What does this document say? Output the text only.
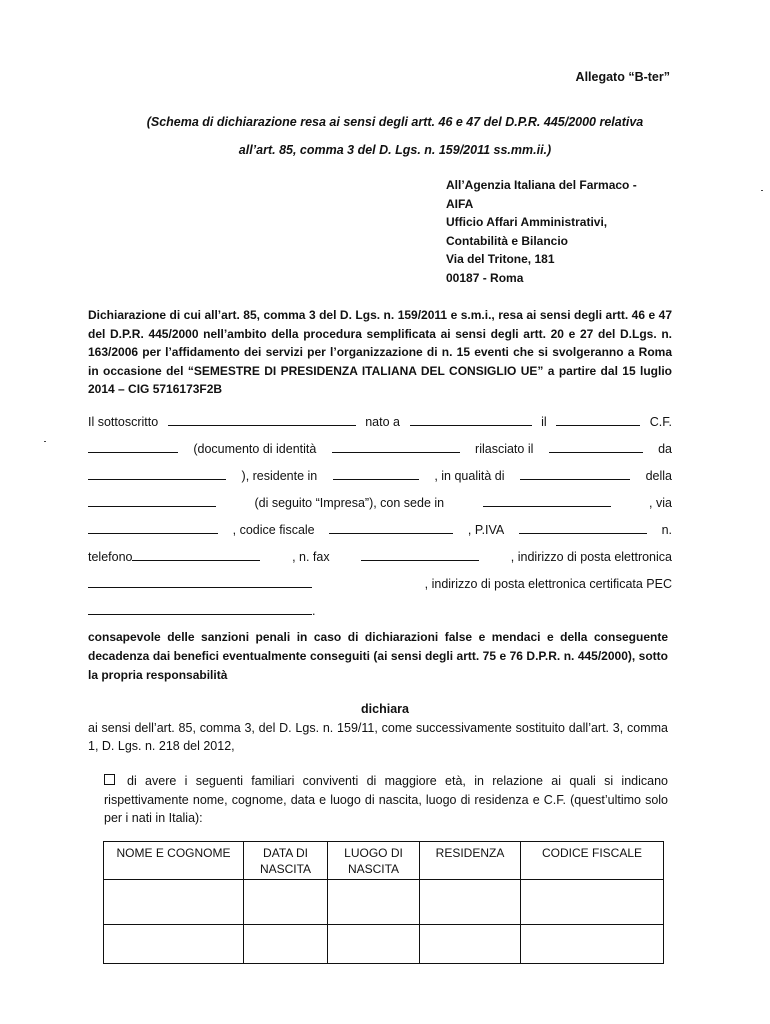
Allegato “B-ter”
(Schema di dichiarazione resa ai sensi degli artt. 46 e 47 del D.P.R. 445/2000 relativa
all’art. 85, comma 3 del D. Lgs. n. 159/2011 ss.mm.ii.)
All’Agenzia Italiana del Farmaco -
AIFA
Ufficio Affari Amministrativi,
Contabilità e Bilancio
Via del Tritone, 181
00187 - Roma
Dichiarazione di cui all’art. 85, comma 3 del D. Lgs. n. 159/2011 e s.m.i., resa ai sensi degli artt. 46 e 47 del D.P.R. 445/2000 nell’ambito della procedura semplificata ai sensi degli artt. 20 e 27 del D.Lgs. n. 163/2006 per l’affidamento dei servizi per l’organizzazione di n. 15 eventi che si svolgeranno a Roma in occasione del “SEMESTRE DI PRESIDENZA ITALIANA DEL CONSIGLIO UE” a partire dal 15 luglio 2014 – CIG 5716173F2B
Il sottoscritto	nato a	il	C.F.
(documento di identità	rilasciato il	da
), residente in	, in qualità di	della
(di seguito “Impresa”), con sede in	, via
, codice fiscale	, P.IVA	n.
telefono	, n. fax	, indirizzo di posta elettronica
, indirizzo di posta elettronica certificata PEC
.
consapevole delle sanzioni penali in caso di dichiarazioni false e mendaci e della conseguente decadenza dai benefici eventualmente conseguiti (ai sensi degli artt. 75 e 76 D.P.R. n. 445/2000), sotto la propria responsabilità
dichiara
ai sensi dell’art. 85, comma 3, del D. Lgs. n. 159/11, come successivamente sostituito dall’art. 3, comma 1, D. Lgs. n. 218 del 2012,
di avere i seguenti familiari conviventi di maggiore età, in relazione ai quali si indicano rispettivamente nome, cognome, data e luogo di nascita, luogo di residenza e C.F. (quest’ultimo solo per i nati in Italia):
NOME E COGNOME	DATA DI NASCITA	LUOGO DI NASCITA	RESIDENZA	CODICE FISCALE
